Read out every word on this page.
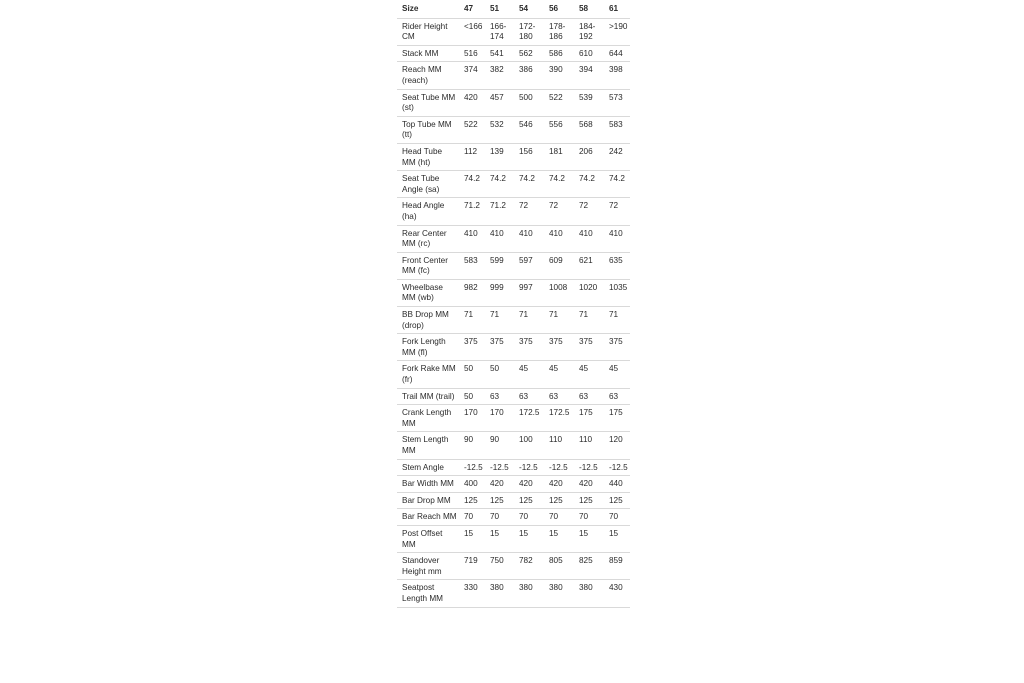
Size	47	51	54	56	58	61
Rider Height CM	<166	166-174	172-180	178-186	184-192	>190
Stack MM	516	541	562	586	610	644
Reach MM (reach)	374	382	386	390	394	398
Seat Tube MM (st)	420	457	500	522	539	573
Top Tube MM (tt)	522	532	546	556	568	583
Head Tube MM (ht)	112	139	156	181	206	242
Seat Tube Angle (sa)	74.2	74.2	74.2	74.2	74.2	74.2
Head Angle (ha)	71.2	71.2	72	72	72	72
Rear Center MM (rc)	410	410	410	410	410	410
Front Center MM (fc)	583	599	597	609	621	635
Wheelbase MM (wb)	982	999	997	1008	1020	1035
BB Drop MM (drop)	71	71	71	71	71	71
Fork Length MM (fl)	375	375	375	375	375	375
Fork Rake MM (fr)	50	50	45	45	45	45
Trail MM (trail)	50	63	63	63	63	63
Crank Length MM	170	170	172.5	172.5	175	175
Stem Length MM	90	90	100	110	110	120
Stem Angle	-12.5	-12.5	-12.5	-12.5	-12.5	-12.5
Bar Width MM	400	420	420	420	420	440
Bar Drop MM	125	125	125	125	125	125
Bar Reach MM	70	70	70	70	70	70
Post Offset MM	15	15	15	15	15	15
Standover Height mm	719	750	782	805	825	859
Seatpost Length MM	330	380	380	380	380	430
